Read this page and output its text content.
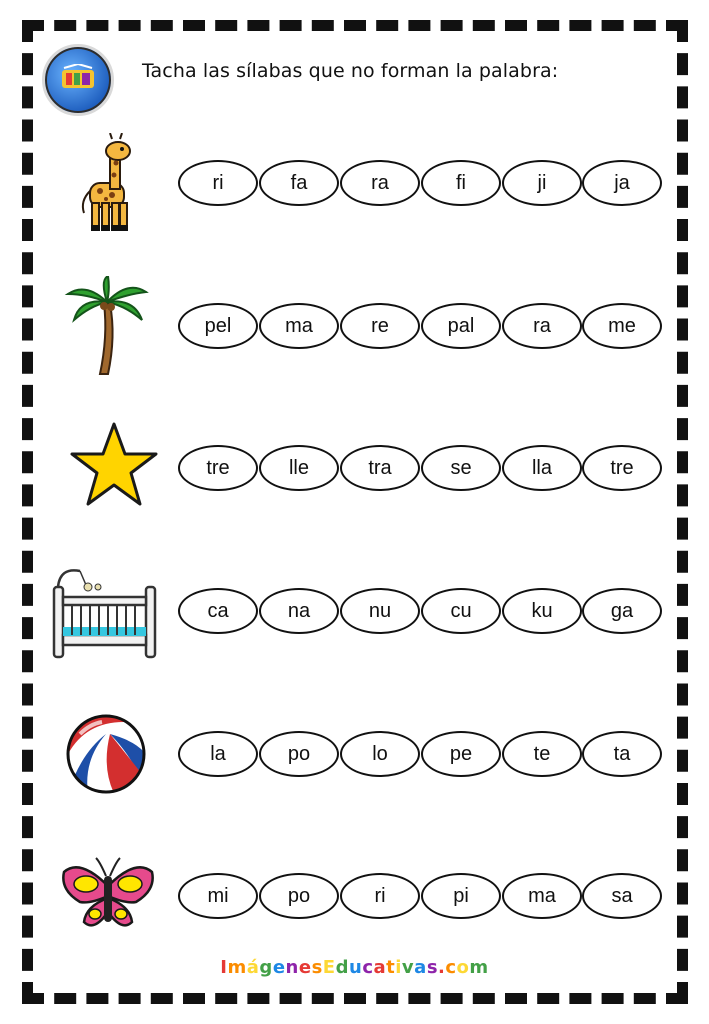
Tacha las sílabas que no forman la palabra:
ri	fa	ra	fi	ji	ja
pel	ma	re	pal	ra	me
tre	lle	tra	se	lla	tre
ca	na	nu	cu	ku	ga
la	po	lo	pe	te	ta
mi	po	ri	pi	ma	sa
ImágenesEducativas.com
